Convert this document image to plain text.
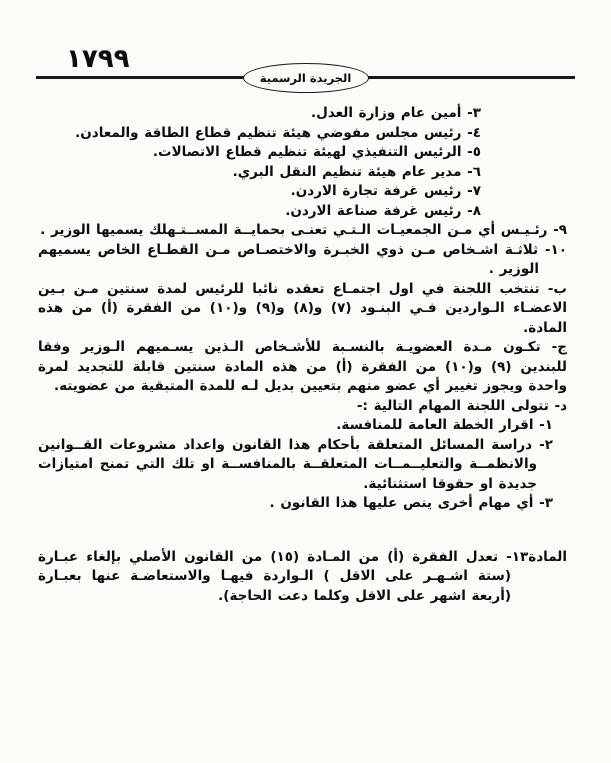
١٧٩٩
الجريدة الرسمية

٣- أمين عام وزارة العدل.

٤- رئيس مجلس مفوضي هيئة تنظيم قطاع الطاقة والمعادن.

٥- الرئيس التنفيذي لهيئة تنظيم قطاع الاتصالات.

٦- مدير عام هيئة تنظيم النقل البري.

٧- رئيس غرفة تجارة الاردن.

٨- رئيس غرفة صناعة الاردن.

٩- رئـيـس أي مـن الجمعيـات الـتـي تعنـى بحمايــة المســتـهلك يسميها الوزير .

١٠- ثلاثـة اشـخاص مـن ذوي الخبـرة والاختصـاص مـن القطـاع الخاص يسميهم الوزير .

ب- تنتخب اللجنة في اول اجتمـاع تعقده نائبا للرئيس لمدة سنتين مـن بـين الاعضـاء الـواردين فـي البنـود (٧) و(٨) و(٩) و(١٠) من الفقرة (أ) من هذه المادة.

ج- تكـون مـدة العضويـة بالنسـبة للأشـخاص الـذين يسـميهم الـوزير وفقا للبندين (٩) و(١٠) من الفقرة (أ) من هذه المادة سنتين قابلة للتجديد لمرة واحدة ويجوز تغيير أي عضو منهم بتعيين بديل لـه للمدة المتبقية من عضويته.

د- تتولى اللجنة المهام التالية :-

١- اقرار الخطة العامة للمنافسة.

٢- دراسة المسائل المتعلقة بأحكام هذا القانون واعداد مشروعات القــوانين والانظمــة والتعليــمــات المتعلقــة بالمنافســة او تلك التي تمنح امتيازات جديدة او حقوقا استثنائية.

٣- أي مهام أخرى ينص عليها هذا القانون .

المادة١٣- تعدل الفقرة (أ) من المـادة (١٥) من القانون الأصلي بإلغاء عبـارة (ستة اشـهـر على الاقل ) الـواردة فيهـا والاستعاضـة عنها بعبـارة (أربعة اشهر على الاقل وكلما دعت الحاجة).
